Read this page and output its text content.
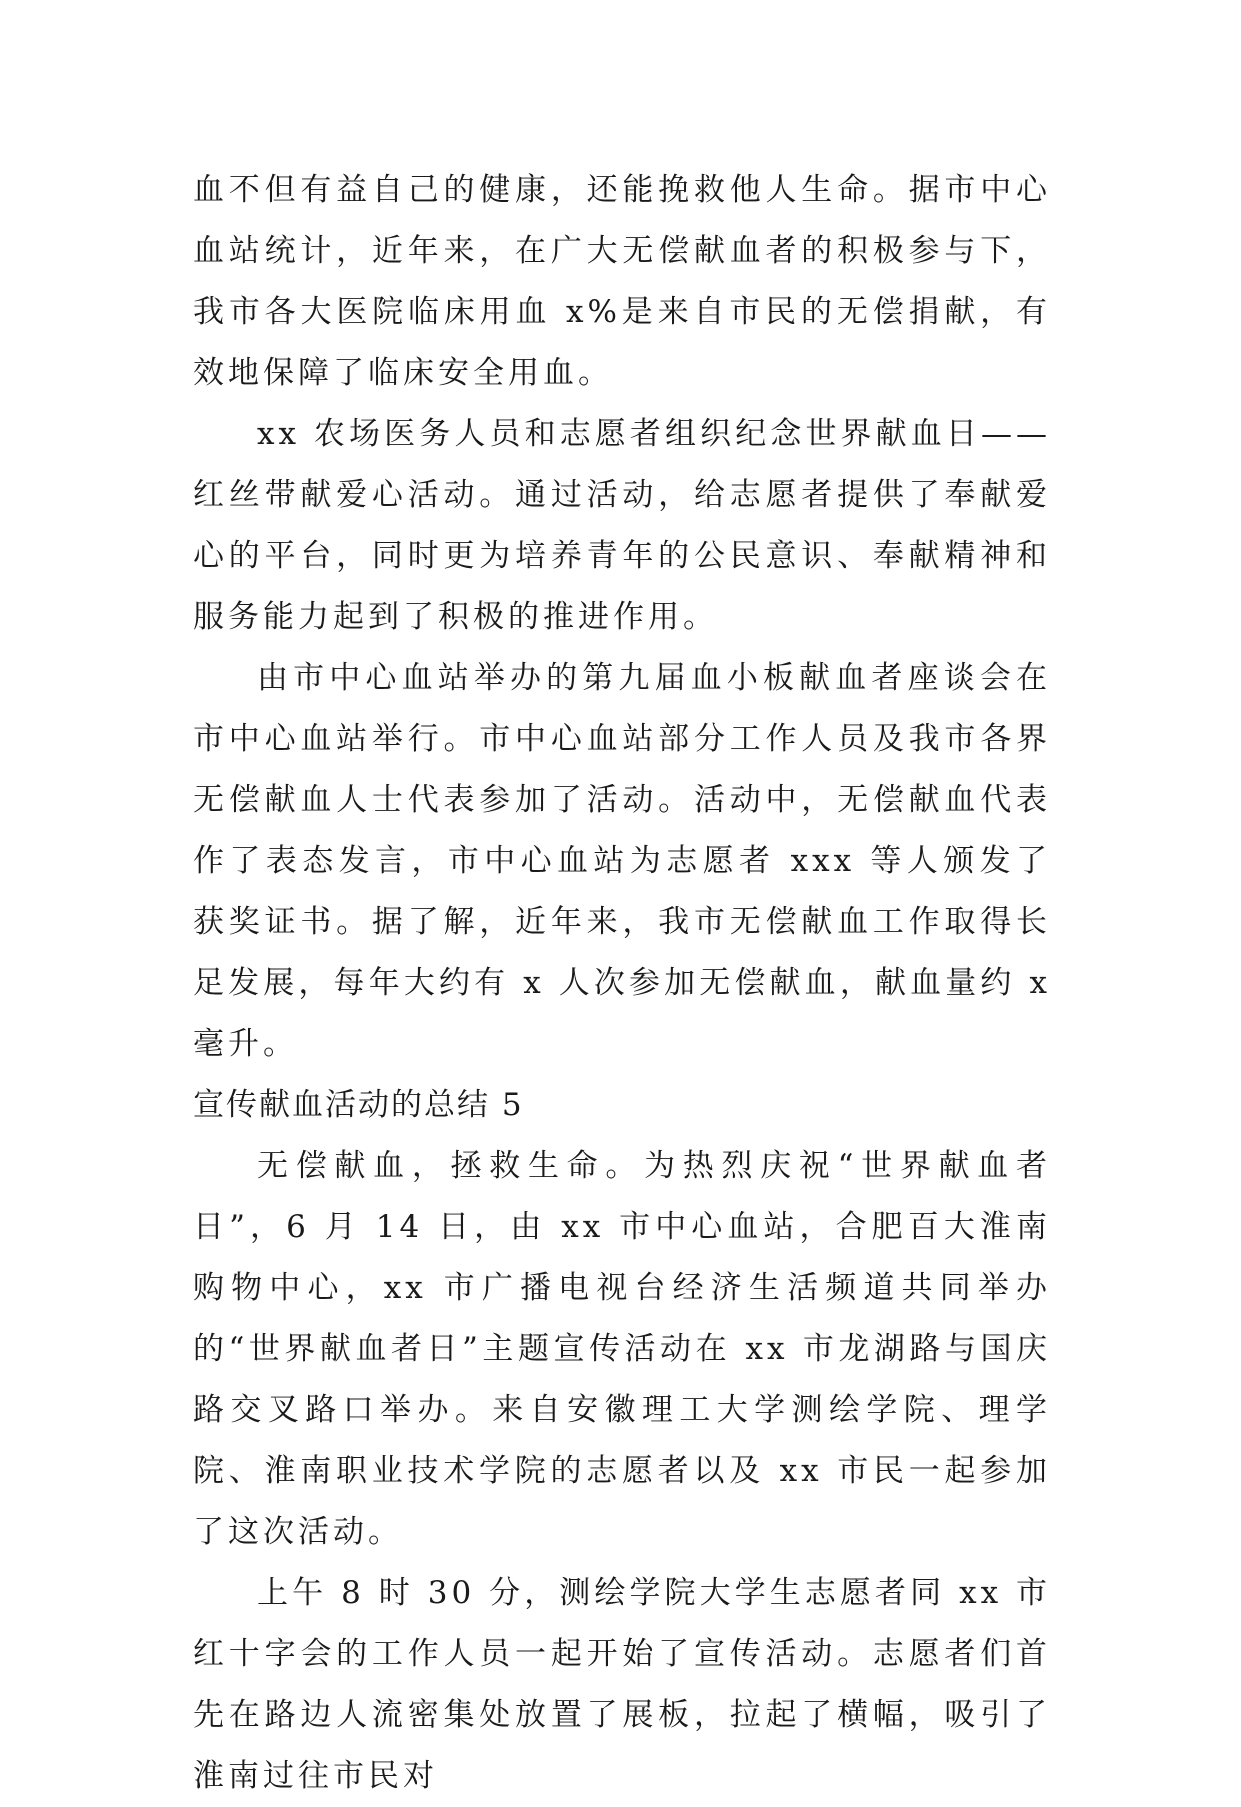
血不但有益自己的健康，还能挽救他人生命。据市中心血站统计，近年来，在广大无偿献血者的积极参与下，我市各大医院临床用血 x%是来自市民的无偿捐献，有效地保障了临床安全用血。

xx 农场医务人员和志愿者组织纪念世界献血日——红丝带献爱心活动。通过活动，给志愿者提供了奉献爱心的平台，同时更为培养青年的公民意识、奉献精神和服务能力起到了积极的推进作用。

由市中心血站举办的第九届血小板献血者座谈会在市中心血站举行。市中心血站部分工作人员及我市各界无偿献血人士代表参加了活动。活动中，无偿献血代表作了表态发言，市中心血站为志愿者 xxx 等人颁发了获奖证书。据了解，近年来，我市无偿献血工作取得长足发展，每年大约有 x 人次参加无偿献血，献血量约 x 毫升。

宣传献血活动的总结 5

无偿献血，拯救生命。为热烈庆祝“世界献血者日”，6 月 14 日，由 xx 市中心血站，合肥百大淮南购物中心，xx 市广播电视台经济生活频道共同举办的“世界献血者日”主题宣传活动在 xx 市龙湖路与国庆路交叉路口举办。来自安徽理工大学测绘学院、理学院、淮南职业技术学院的志愿者以及 xx 市民一起参加了这次活动。

上午 8 时 30 分，测绘学院大学生志愿者同 xx 市红十字会的工作人员一起开始了宣传活动。志愿者们首先在路边人流密集处放置了展板，拉起了横幅，吸引了淮南过往市民对
